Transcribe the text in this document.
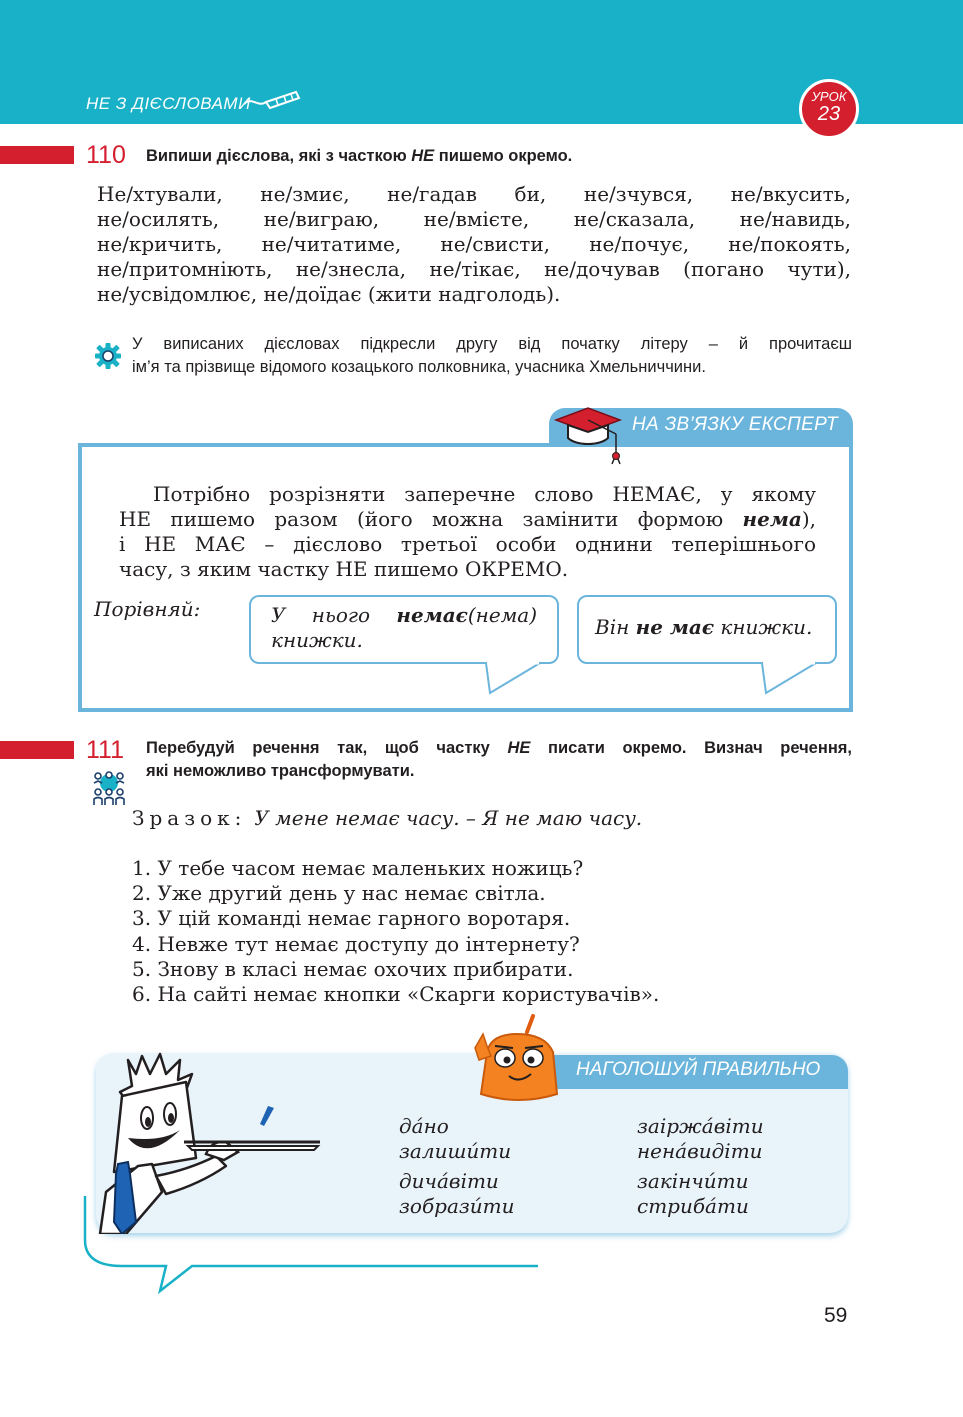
НЕ З ДІЄСЛОВАМИ	УРОК
23
110 Випиши дієслова, які з часткою НЕ пишемо окремо.
Не/хтували, не/змиє, не/гадав би, не/зчувся, не/вкусить,
не/осилять, не/виграю, не/вмієте, не/сказала, не/навидь,
не/кричить, не/читатиме, не/свисти, не/почує, не/покоять,
не/притомніють, не/знесла, не/тікає, не/дочував (погано чути),
не/усвідомлює, не/доїдає (жити надголодь).
У виписаних дієсловах підкресли другу від початку літеру – й прочитаєш
ім’я та прізвище відомого козацького полковника, учасника Хмельниччини.
НА ЗВ’ЯЗКУ ЕКСПЕРТ
Потрібно розрізняти заперечне слово НЕМАЄ, у якому
НЕ пишемо разом (його можна замінити формою нема),
і НЕ МАЄ – дієслово третьої особи однини теперішнього
часу, з яким частку НЕ пишемо ОКРЕМО.
Порівняй:	У нього немає(нема)
книжки.
Він не має книжки.
111 Перебудуй речення так, щоб частку НЕ писати окремо. Визнач речення,
які неможливо трансформувати.
Зразок: У мене немає часу. – Я не маю часу.
1. У тебе часом немає маленьких ножиць?
2. Уже другий день у нас немає світла.
3. У цій команді немає гарного воротаря.
4. Невже тут немає доступу до інтернету?
5. Знову в класі немає охочих прибирати.
6. На сайті немає кнопки «Скарги користувачів».
НАГОЛОШУЙ ПРАВИЛЬНО
да́но
залиши́ти
дича́віти
зобрази́ти
заіржа́віти
нена́видіти
закінчи́ти
стриба́ти
59
